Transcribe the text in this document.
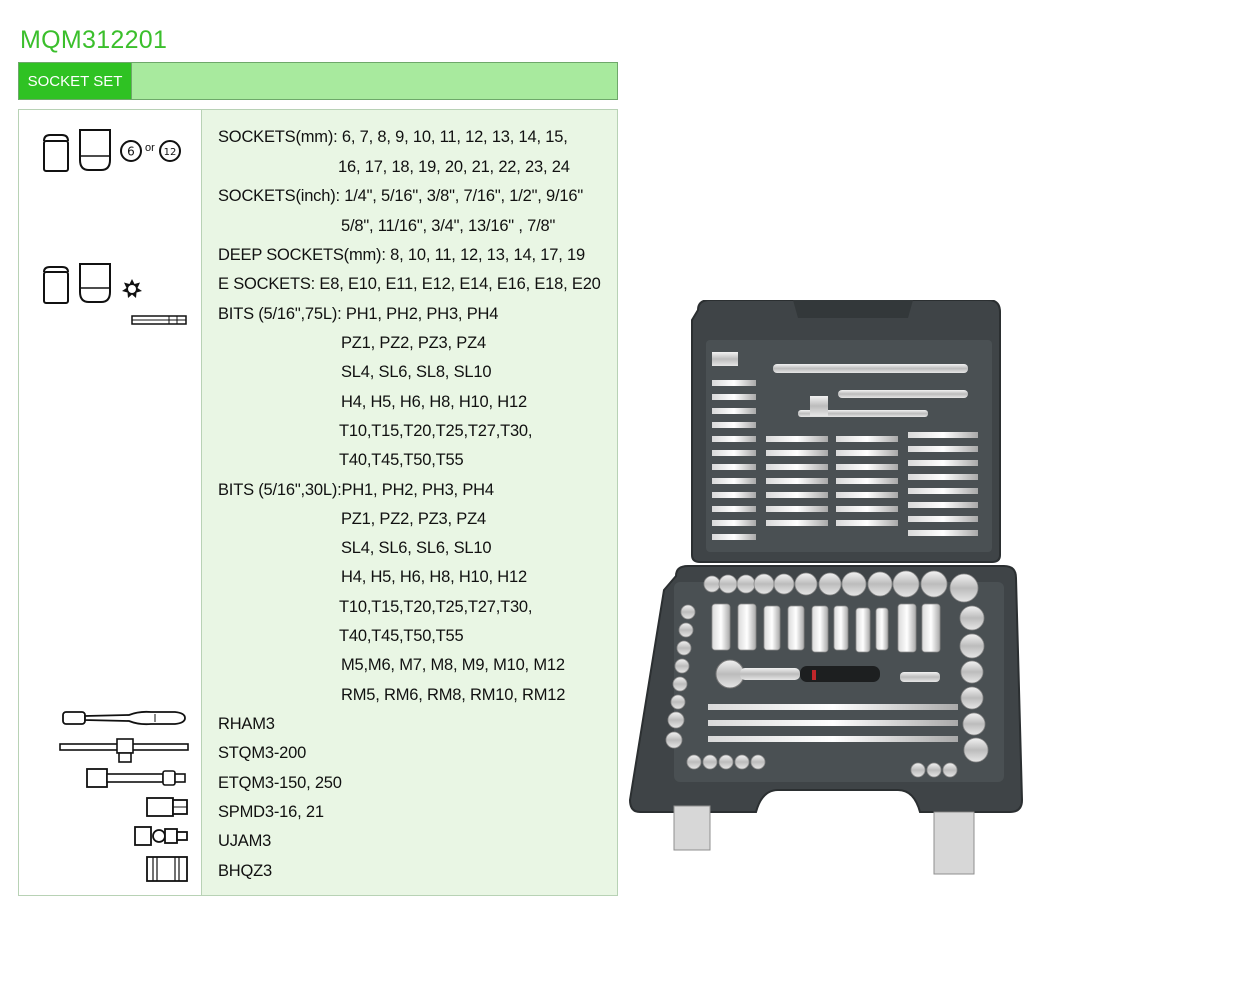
MQM312201
SOCKET SET
6 or 12
SOCKETS(mm): 6, 7, 8, 9, 10, 11, 12, 13, 14, 15,
16, 17, 18, 19, 20, 21, 22, 23, 24
SOCKETS(inch): 1/4", 5/16", 3/8", 7/16", 1/2", 9/16"
5/8", 11/16", 3/4", 13/16" , 7/8"
DEEP SOCKETS(mm): 8, 10, 11, 12, 13, 14, 17, 19
E SOCKETS: E8, E10, E11, E12, E14, E16, E18, E20
BITS (5/16",75L): PH1, PH2, PH3, PH4
PZ1, PZ2, PZ3, PZ4
SL4, SL6, SL8, SL10
H4, H5, H6, H8, H10, H12
T10,T15,T20,T25,T27,T30,
T40,T45,T50,T55
BITS (5/16",30L):PH1, PH2, PH3, PH4
PZ1, PZ2, PZ3, PZ4
SL4, SL6, SL6, SL10
H4, H5, H6, H8, H10, H12
T10,T15,T20,T25,T27,T30,
T40,T45,T50,T55
M5,M6, M7, M8, M9, M10, M12
RM5, RM6, RM8, RM10, RM12
RHAM3
STQM3-200
ETQM3-150, 250
SPMD3-16, 21
UJAM3
BHQZ3
